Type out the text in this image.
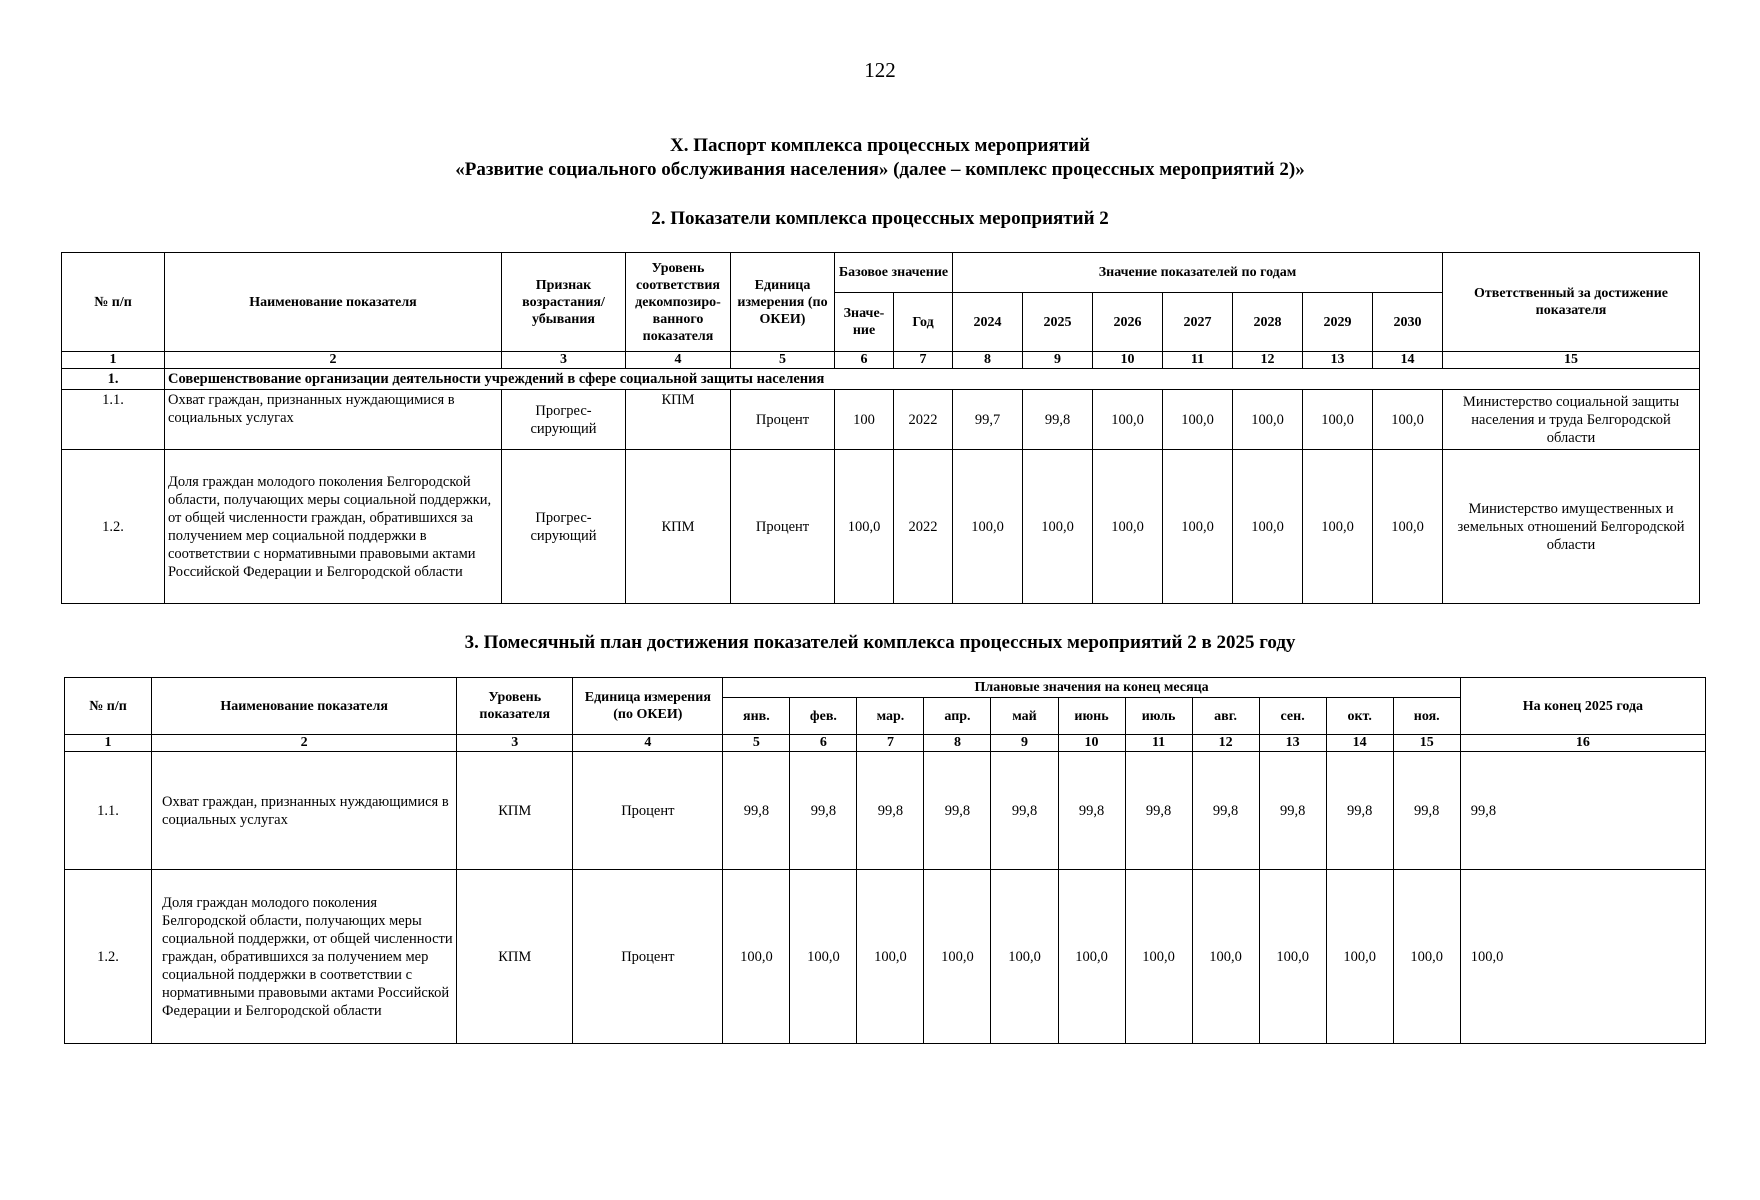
122
X. Паспорт комплекса процессных мероприятий
«Развитие социального обслуживания населения» (далее – комплекс процессных мероприятий 2)»
2. Показатели комплекса процессных мероприятий 2
№ п/п	Наименование показателя	Признак возрастания/ убывания	Уровень соответствия декомпозиро-ванного показателя	Единица измерения (по ОКЕИ)	Базовое значение		Значение показателей по годам							Ответственный за достижение показателя
					Значе-ние	Год	2024	2025	2026	2027	2028	2029	2030	
1	2	3	4	5	6	7	8	9	10	11	12	13	14	15
1.	Совершенствование организации деятельности учреждений в сфере социальной защиты населения													
1.1.	Охват граждан, признанных нуждающимися в социальных услугах	Прогрес-сирующий	КПМ	Процент	100	2022	99,7	99,8	100,0	100,0	100,0	100,0	100,0	Министерство социальной защиты населения и труда Белгородской области
1.2.	Доля граждан молодого поколения Белгородской области, получающих меры социальной поддержки, от общей численности граждан, обратившихся за получением мер социальной поддержки в соответствии с нормативными правовыми актами Российской Федерации и Белгородской области	Прогрес-сирующий	КПМ	Процент	100,0	2022	100,0	100,0	100,0	100,0	100,0	100,0	100,0	Министерство имущественных и земельных отношений Белгородской области
3. Помесячный план достижения показателей комплекса процессных мероприятий 2 в 2025 году
№ п/п	Наименование показателя	Уровень показателя	Единица измерения (по ОКЕИ)	Плановые значения на конец месяца											На конец 2025 года
				янв.	фев.	мар.	апр.	май	июнь	июль	авг.	сен.	окт.	ноя.	
1	2	3	4	5	6	7	8	9	10	11	12	13	14	15	16
1.1.	Охват граждан, признанных нуждающимися в социальных услугах	КПМ	Процент	99,8	99,8	99,8	99,8	99,8	99,8	99,8	99,8	99,8	99,8	99,8	99,8
1.2.	Доля граждан молодого поколения Белгородской области, получающих меры социальной поддержки, от общей численности граждан, обратившихся за получением мер социальной поддержки в соответствии с нормативными правовыми актами Российской Федерации и Белгородской области	КПМ	Процент	100,0	100,0	100,0	100,0	100,0	100,0	100,0	100,0	100,0	100,0	100,0	100,0
